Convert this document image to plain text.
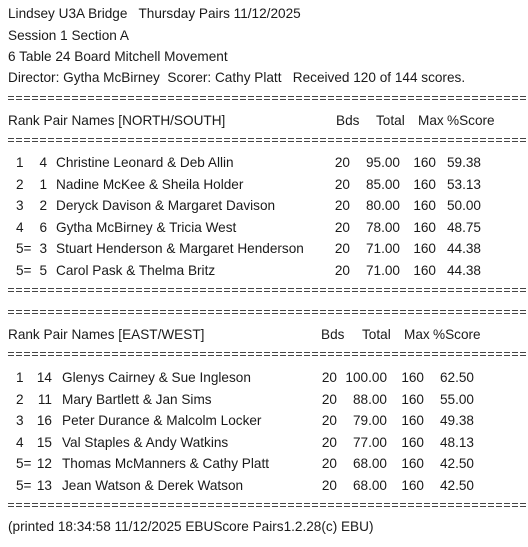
Lindsey U3A Bridge   Thursday Pairs 11/12/2025
Session 1 Section A
6 Table 24 Board Mitchell Movement
Director: Gytha McBirney  Scorer: Cathy Platt   Received 120 of 144 scores.
Rank Pair Names [NORTH/SOUTH]	Bds Total Max %Score
1 4 Christine Leonard & Deb Allin	20 95.00 160 59.38
2 1 Nadine McKee & Sheila Holder	20 85.00 160 53.13
3 2 Deryck Davison & Margaret Davison	20 80.00 160 50.00
4 6 Gytha McBirney & Tricia West	20 78.00 160 48.75
5= 3 Stuart Henderson & Margaret Henderson 20 71.00 160 44.38
5= 5 Carol Pask & Thelma Britz	20 71.00 160 44.38
Rank Pair Names [EAST/WEST]	Bds Total Max %Score
1 14 Glenys Cairney & Sue Ingleson	20 100.00 160 62.50
2 11 Mary Bartlett & Jan Sims	20 88.00 160 55.00
3 16 Peter Durance & Malcolm Locker	20 79.00 160 49.38
4 15 Val Staples & Andy Watkins	20 77.00 160 48.13
5= 12 Thomas McManners & Cathy Platt	20 68.00 160 42.50
5= 13 Jean Watson & Derek Watson	20 68.00 160 42.50
(printed 18:34:58 11/12/2025 EBUScore Pairs1.2.28(c) EBU)
